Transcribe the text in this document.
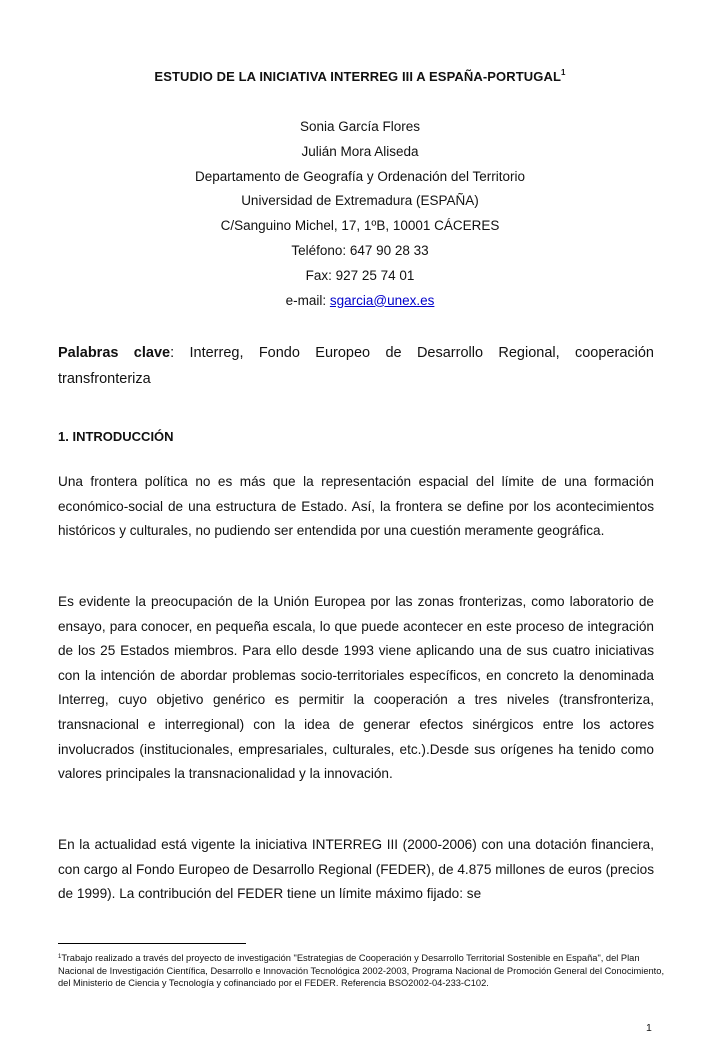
ESTUDIO DE LA INICIATIVA INTERREG III A ESPAÑA-PORTUGAL$^1$
Sonia García Flores
Julián Mora Aliseda
Departamento de Geografía y Ordenación del Territorio
Universidad de Extremadura (ESPAÑA)
C/Sanguino Michel, 17, 1ºB, 10001 CÁCERES
Teléfono: 647 90 28 33
Fax: 927 25 74 01
e-mail: sgarcia@unex.es
Palabras clave: Interreg, Fondo Europeo de Desarrollo Regional, cooperación transfronteriza
1. INTRODUCCIÓN
Una frontera política no es más que la representación espacial del límite de una formación económico-social de una estructura de Estado. Así, la frontera se define por los acontecimientos históricos y culturales, no pudiendo ser entendida por una cuestión meramente geográfica.
Es evidente la preocupación de la Unión Europea por las zonas fronterizas, como laboratorio de ensayo, para conocer, en pequeña escala, lo que puede acontecer en este proceso de integración de los 25 Estados miembros. Para ello desde 1993 viene aplicando una de sus cuatro iniciativas con la intención de abordar problemas socio-territoriales específicos, en concreto la denominada Interreg, cuyo objetivo genérico es permitir la cooperación a tres niveles (transfronteriza, transnacional e interregional) con la idea de generar efectos sinérgicos entre los actores involucrados (institucionales, empresariales, culturales, etc.).Desde sus orígenes ha tenido como valores principales la transnacionalidad y la innovación.
En la actualidad está vigente la iniciativa INTERREG III (2000-2006) con una dotación financiera, con cargo al Fondo Europeo de Desarrollo Regional (FEDER), de 4.875 millones de euros (precios de 1999). La contribución del FEDER tiene un límite máximo fijado: se
$^1$Trabajo realizado a través del proyecto de investigación "Estrategias de Cooperación y Desarrollo Territorial Sostenible en España", del Plan Nacional de Investigación Científica, Desarrollo e Innovación Tecnológica 2002-2003, Programa Nacional de Promoción General del Conocimiento, del Ministerio de Ciencia y Tecnología y cofinanciado por el FEDER. Referencia BSO2002-04-233-C102.
1
